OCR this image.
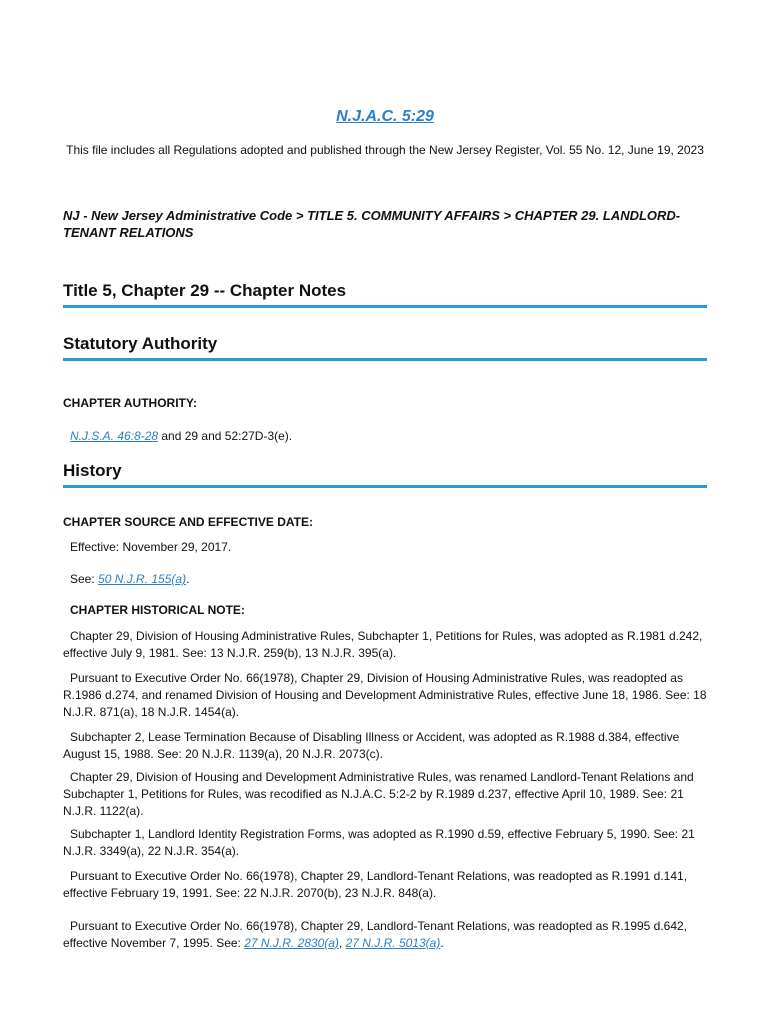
N.J.A.C. 5:29
This file includes all Regulations adopted and published through the New Jersey Register, Vol. 55 No. 12, June 19, 2023
NJ - New Jersey Administrative Code > TITLE 5. COMMUNITY AFFAIRS > CHAPTER 29. LANDLORD-TENANT RELATIONS
Title 5, Chapter 29 -- Chapter Notes
Statutory Authority
CHAPTER AUTHORITY:
N.J.S.A. 46:8-28 and 29 and 52:27D-3(e).
History
CHAPTER SOURCE AND EFFECTIVE DATE:
Effective: November 29, 2017.
See: 50 N.J.R. 155(a).
CHAPTER HISTORICAL NOTE:
Chapter 29, Division of Housing Administrative Rules, Subchapter 1, Petitions for Rules, was adopted as R.1981 d.242, effective July 9, 1981. See: 13 N.J.R. 259(b), 13 N.J.R. 395(a).
Pursuant to Executive Order No. 66(1978), Chapter 29, Division of Housing Administrative Rules, was readopted as R.1986 d.274, and renamed Division of Housing and Development Administrative Rules, effective June 18, 1986. See: 18 N.J.R. 871(a), 18 N.J.R. 1454(a).
Subchapter 2, Lease Termination Because of Disabling Illness or Accident, was adopted as R.1988 d.384, effective August 15, 1988. See: 20 N.J.R. 1139(a), 20 N.J.R. 2073(c).
Chapter 29, Division of Housing and Development Administrative Rules, was renamed Landlord-Tenant Relations and Subchapter 1, Petitions for Rules, was recodified as N.J.A.C. 5:2-2 by R.1989 d.237, effective April 10, 1989. See: 21 N.J.R. 1122(a).
Subchapter 1, Landlord Identity Registration Forms, was adopted as R.1990 d.59, effective February 5, 1990. See: 21 N.J.R. 3349(a), 22 N.J.R. 354(a).
Pursuant to Executive Order No. 66(1978), Chapter 29, Landlord-Tenant Relations, was readopted as R.1991 d.141, effective February 19, 1991. See: 22 N.J.R. 2070(b), 23 N.J.R. 848(a).
Pursuant to Executive Order No. 66(1978), Chapter 29, Landlord-Tenant Relations, was readopted as R.1995 d.642, effective November 7, 1995. See: 27 N.J.R. 2830(a), 27 N.J.R. 5013(a).
